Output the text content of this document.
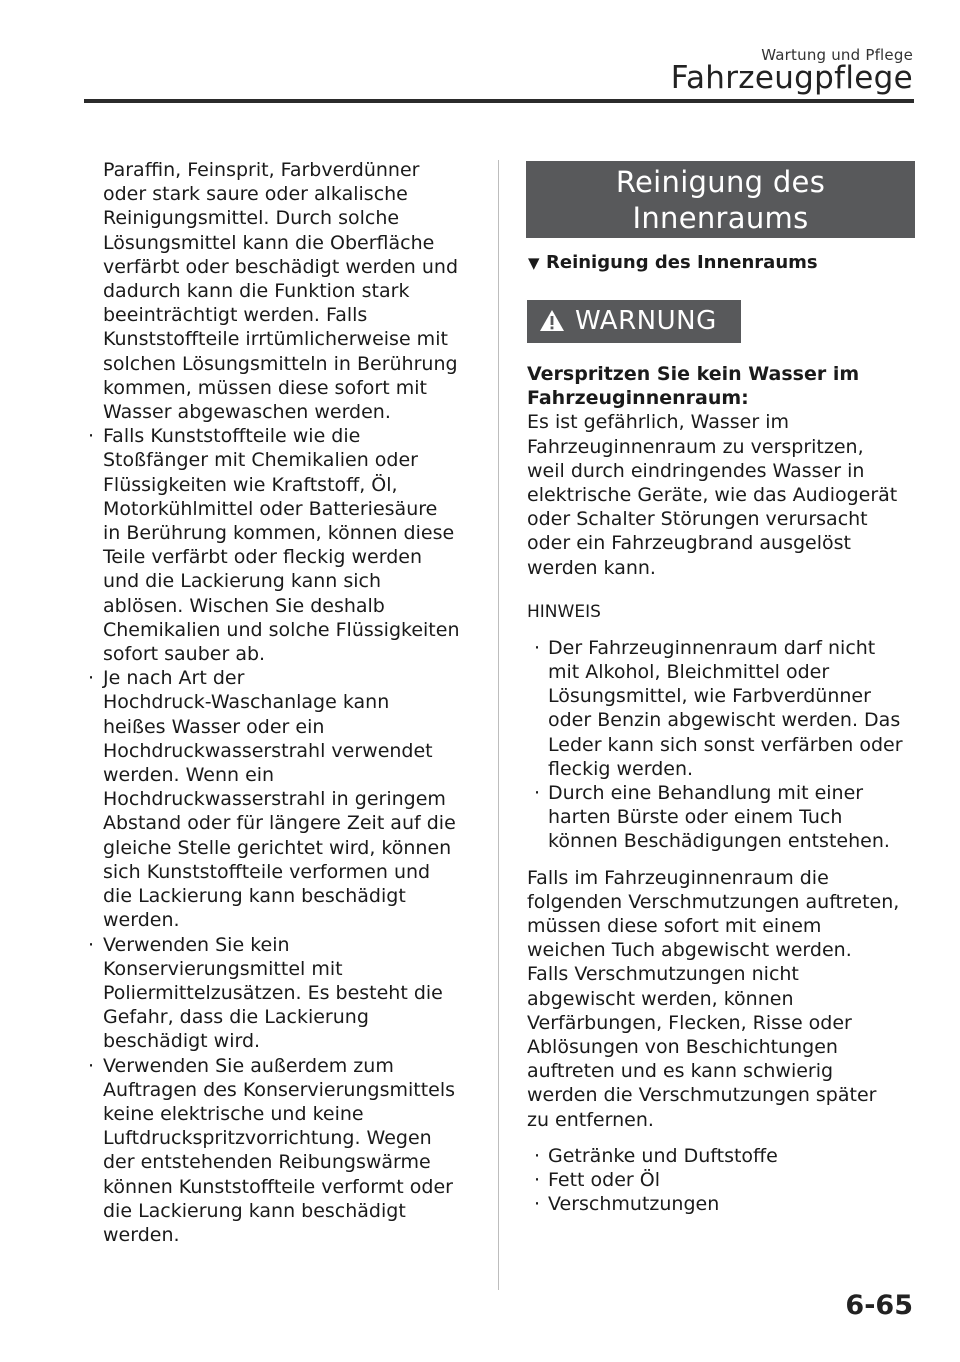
Wartung und Pflege
Fahrzeugpflege
Paraffin, Feinsprit, Farbverdünner
oder stark saure oder alkalische
Reinigungsmittel. Durch solche
Lösungsmittel kann die Oberfläche
verfärbt oder beschädigt werden und
dadurch kann die Funktion stark
beeinträchtigt werden. Falls
Kunststoffteile irrtümlicherweise mit
solchen Lösungsmitteln in Berührung
kommen, müssen diese sofort mit
Wasser abgewaschen werden.
· Falls Kunststoffteile wie die
Stoßfänger mit Chemikalien oder
Flüssigkeiten wie Kraftstoff, Öl,
Motorkühlmittel oder Batteriesäure
in Berührung kommen, können diese
Teile verfärbt oder fleckig werden
und die Lackierung kann sich
ablösen. Wischen Sie deshalb
Chemikalien und solche Flüssigkeiten
sofort sauber ab.
· Je nach Art der
Hochdruck-Waschanlage kann
heißes Wasser oder ein
Hochdruckwasserstrahl verwendet
werden. Wenn ein
Hochdruckwasserstrahl in geringem
Abstand oder für längere Zeit auf die
gleiche Stelle gerichtet wird, können
sich Kunststoffteile verformen und
die Lackierung kann beschädigt
werden.
· Verwenden Sie kein
Konservierungsmittel mit
Poliermittelzusätzen. Es besteht die
Gefahr, dass die Lackierung
beschädigt wird.
· Verwenden Sie außerdem zum
Auftragen des Konservierungsmittels
keine elektrische und keine
Luftdruckspritzvorrichtung. Wegen
der entstehenden Reibungswärme
können Kunststoffteile verformt oder
die Lackierung kann beschädigt
werden.
Reinigung des
Innenraums
▼ Reinigung des Innenraums
WARNUNG
Verspritzen Sie kein Wasser im
Fahrzeuginnenraum:
Es ist gefährlich, Wasser im
Fahrzeuginnenraum zu verspritzen,
weil durch eindringendes Wasser in
elektrische Geräte, wie das Audiogerät
oder Schalter Störungen verursacht
oder ein Fahrzeugbrand ausgelöst
werden kann.
HINWEIS
· Der Fahrzeuginnenraum darf nicht
mit Alkohol, Bleichmittel oder
Lösungsmittel, wie Farbverdünner
oder Benzin abgewischt werden. Das
Leder kann sich sonst verfärben oder
fleckig werden.
· Durch eine Behandlung mit einer
harten Bürste oder einem Tuch
können Beschädigungen entstehen.
Falls im Fahrzeuginnenraum die
folgenden Verschmutzungen auftreten,
müssen diese sofort mit einem
weichen Tuch abgewischt werden.
Falls Verschmutzungen nicht
abgewischt werden, können
Verfärbungen, Flecken, Risse oder
Ablösungen von Beschichtungen
auftreten und es kann schwierig
werden die Verschmutzungen später
zu entfernen.
· Getränke und Duftstoffe
· Fett oder Öl
· Verschmutzungen
6-65
